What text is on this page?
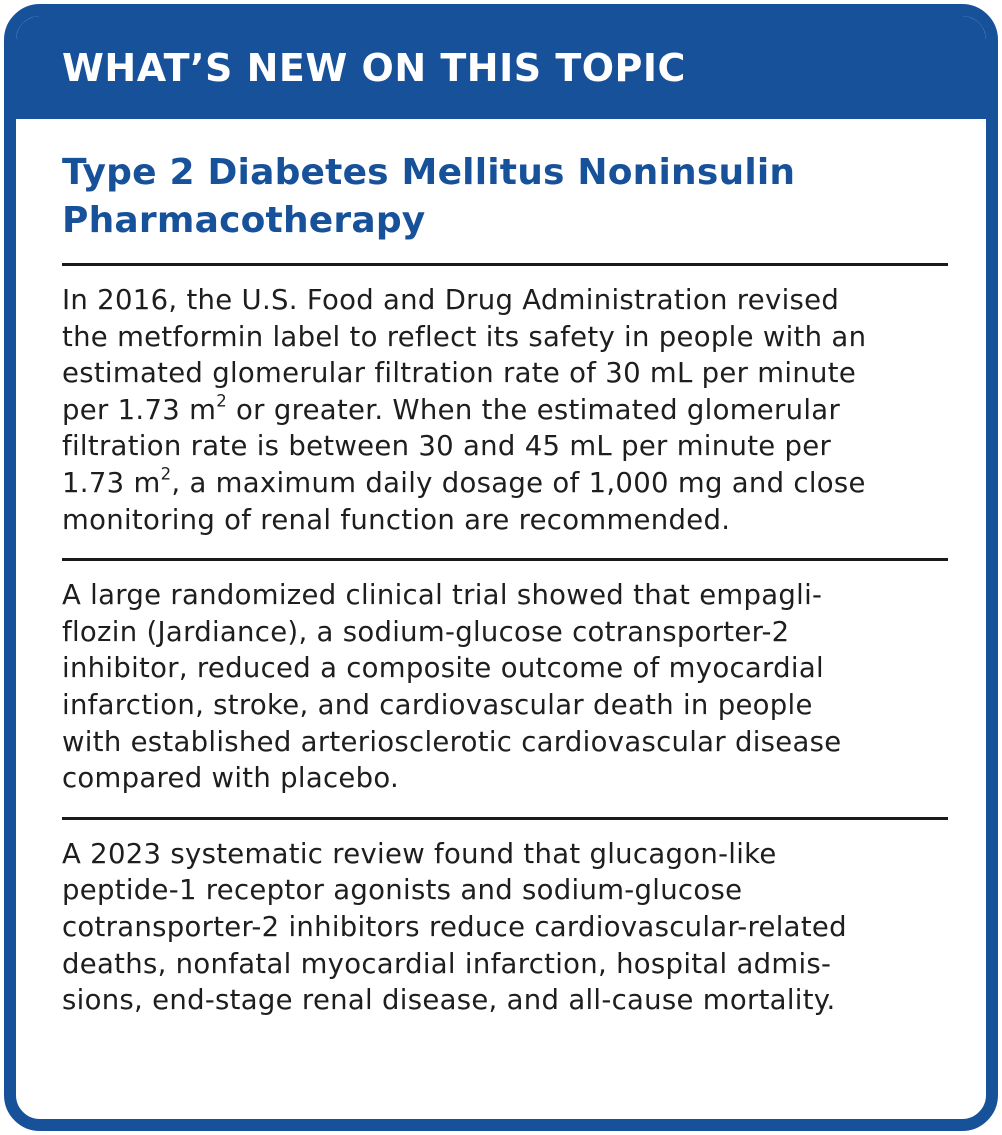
WHAT’S NEW ON THIS TOPIC
Type 2 Diabetes Mellitus Noninsulin
Pharmacotherapy

In 2016, the U.S. Food and Drug Administration revised
the metformin label to reflect its safety in people with an
estimated glomerular filtration rate of 30 mL per minute
per 1.73 $m^2$ or greater. When the estimated glomerular
filtration rate is between 30 and 45 mL per minute per
1.73 $m^2$, a maximum daily dosage of 1,000 mg and close
monitoring of renal function are recommended.

A large randomized clinical trial showed that empagli-
flozin (Jardiance), a sodium-glucose cotransporter-2
inhibitor, reduced a composite outcome of myocardial
infarction, stroke, and cardiovascular death in people
with established arteriosclerotic cardiovascular disease
compared with placebo.

A 2023 systematic review found that glucagon-like
peptide-1 receptor agonists and sodium-glucose
cotransporter-2 inhibitors reduce cardiovascular-related
deaths, nonfatal myocardial infarction, hospital admis-
sions, end-stage renal disease, and all-cause mortality.
